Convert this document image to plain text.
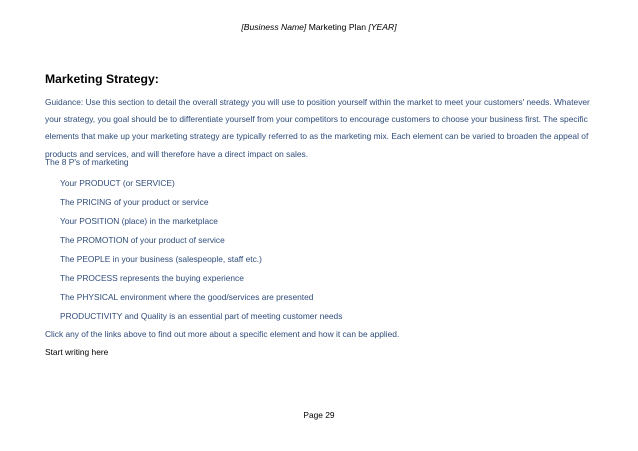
[Business Name] Marketing Plan [YEAR]
Marketing Strategy:
Guidance: Use this section to detail the overall strategy you will use to position yourself within the market to meet your customers' needs. Whatever
your strategy, you goal should be to differentiate yourself from your competitors to encourage customers to choose your business first. The specific
elements that make up your marketing strategy are typically referred to as the marketing mix. Each element can be varied to broaden the appeal of
products and services, and will therefore have a direct impact on sales.
The 8 P's of marketing
Your PRODUCT (or SERVICE)
The PRICING of your product or service
Your POSITION (place) in the marketplace
The PROMOTION of your product of service
The PEOPLE in your business (salespeople, staff etc.)
The PROCESS represents the buying experience
The PHYSICAL environment where the good/services are presented
PRODUCTIVITY and Quality is an essential part of meeting customer needs
Click any of the links above to find out more about a specific element and how it can be applied.
Start writing here
Page 29
